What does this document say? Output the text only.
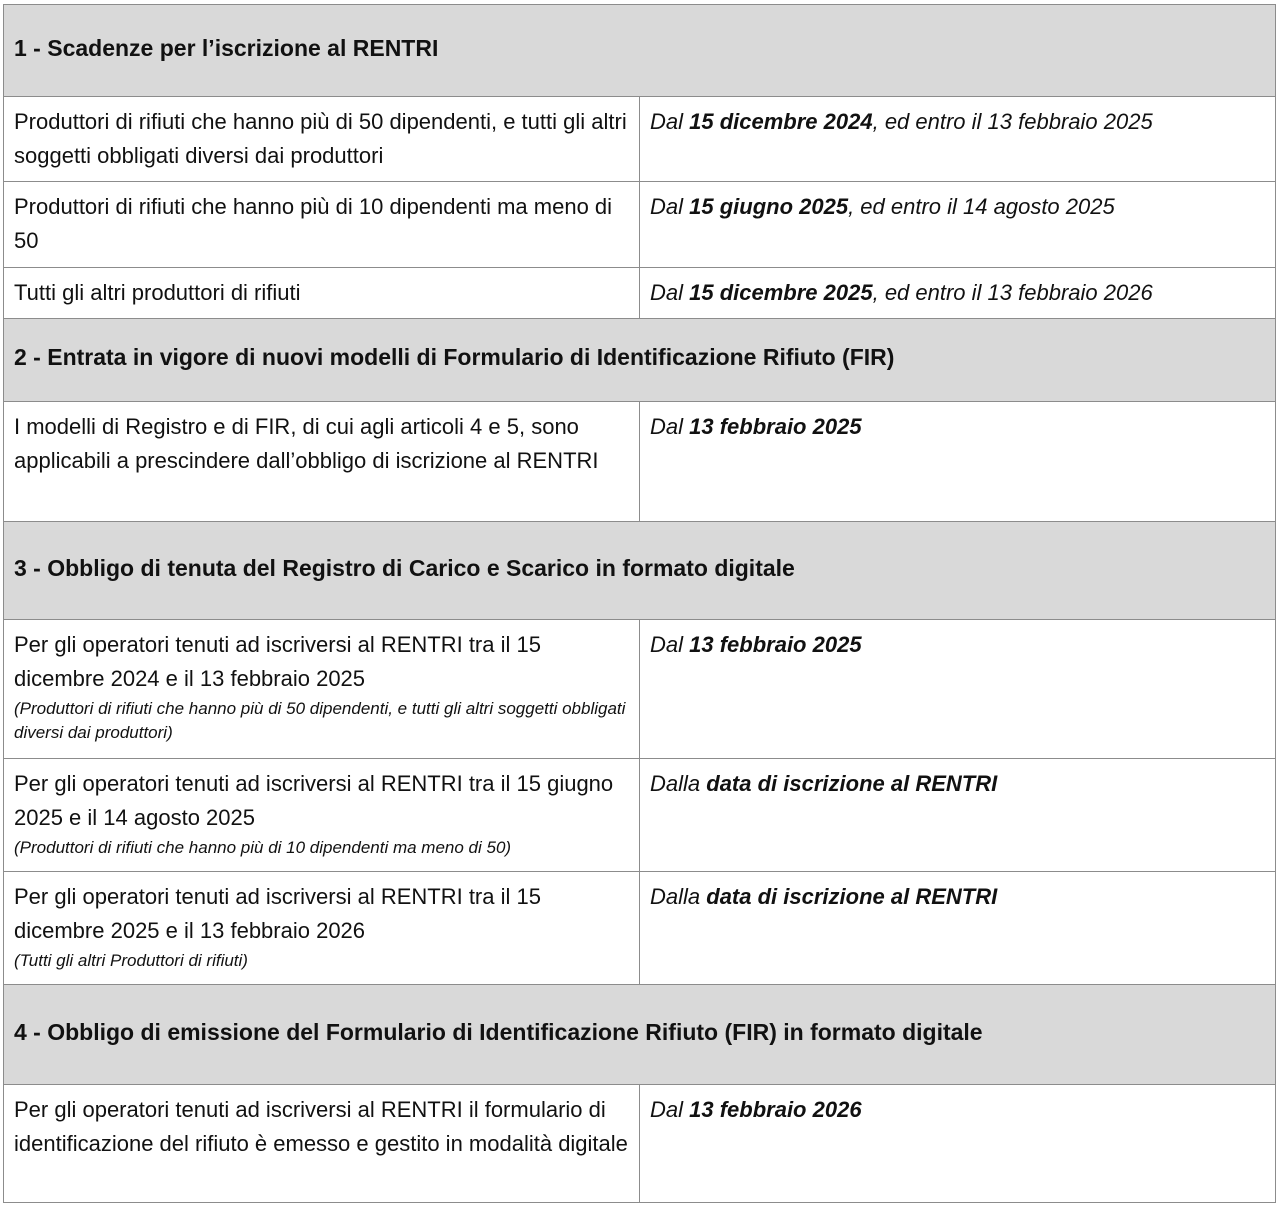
1 - Scadenze per l’iscrizione al RENTRI
Produttori di rifiuti che hanno più di 50 dipendenti, e tutti gli altri soggetti obbligati diversi dai produttori
Dal 15 dicembre 2024, ed entro il 13 febbraio 2025
Produttori di rifiuti che hanno più di 10 dipendenti ma meno di 50
Dal 15 giugno 2025, ed entro il 14 agosto 2025
Tutti gli altri produttori di rifiuti	Dal 15 dicembre 2025, ed entro il 13 febbraio 2026
2 - Entrata in vigore di nuovi modelli di Formulario di Identificazione Rifiuto (FIR)
I modelli di Registro e di FIR, di cui agli articoli 4 e 5, sono applicabili a prescindere dall’obbligo di iscrizione al RENTRI
Dal 13 febbraio 2025
3 - Obbligo di tenuta del Registro di Carico e Scarico in formato digitale
Per gli operatori tenuti ad iscriversi al RENTRI tra il 15 dicembre 2024 e il 13 febbraio 2025
(Produttori di rifiuti che hanno più di 50 dipendenti, e tutti gli altri soggetti obbligati diversi dai produttori)
Dal 13 febbraio 2025
Per gli operatori tenuti ad iscriversi al RENTRI tra il 15 giugno 2025 e il 14 agosto 2025
(Produttori di rifiuti che hanno più di 10 dipendenti ma meno di 50)
Dalla data di iscrizione al RENTRI
Per gli operatori tenuti ad iscriversi al RENTRI tra il 15 dicembre 2025 e il 13 febbraio 2026
(Tutti gli altri Produttori di rifiuti)
Dalla data di iscrizione al RENTRI
4 - Obbligo di emissione del Formulario di Identificazione Rifiuto (FIR) in formato digitale
Per gli operatori tenuti ad iscriversi al RENTRI il formulario di identificazione del rifiuto è emesso e gestito in modalità digitale
Dal 13 febbraio 2026
